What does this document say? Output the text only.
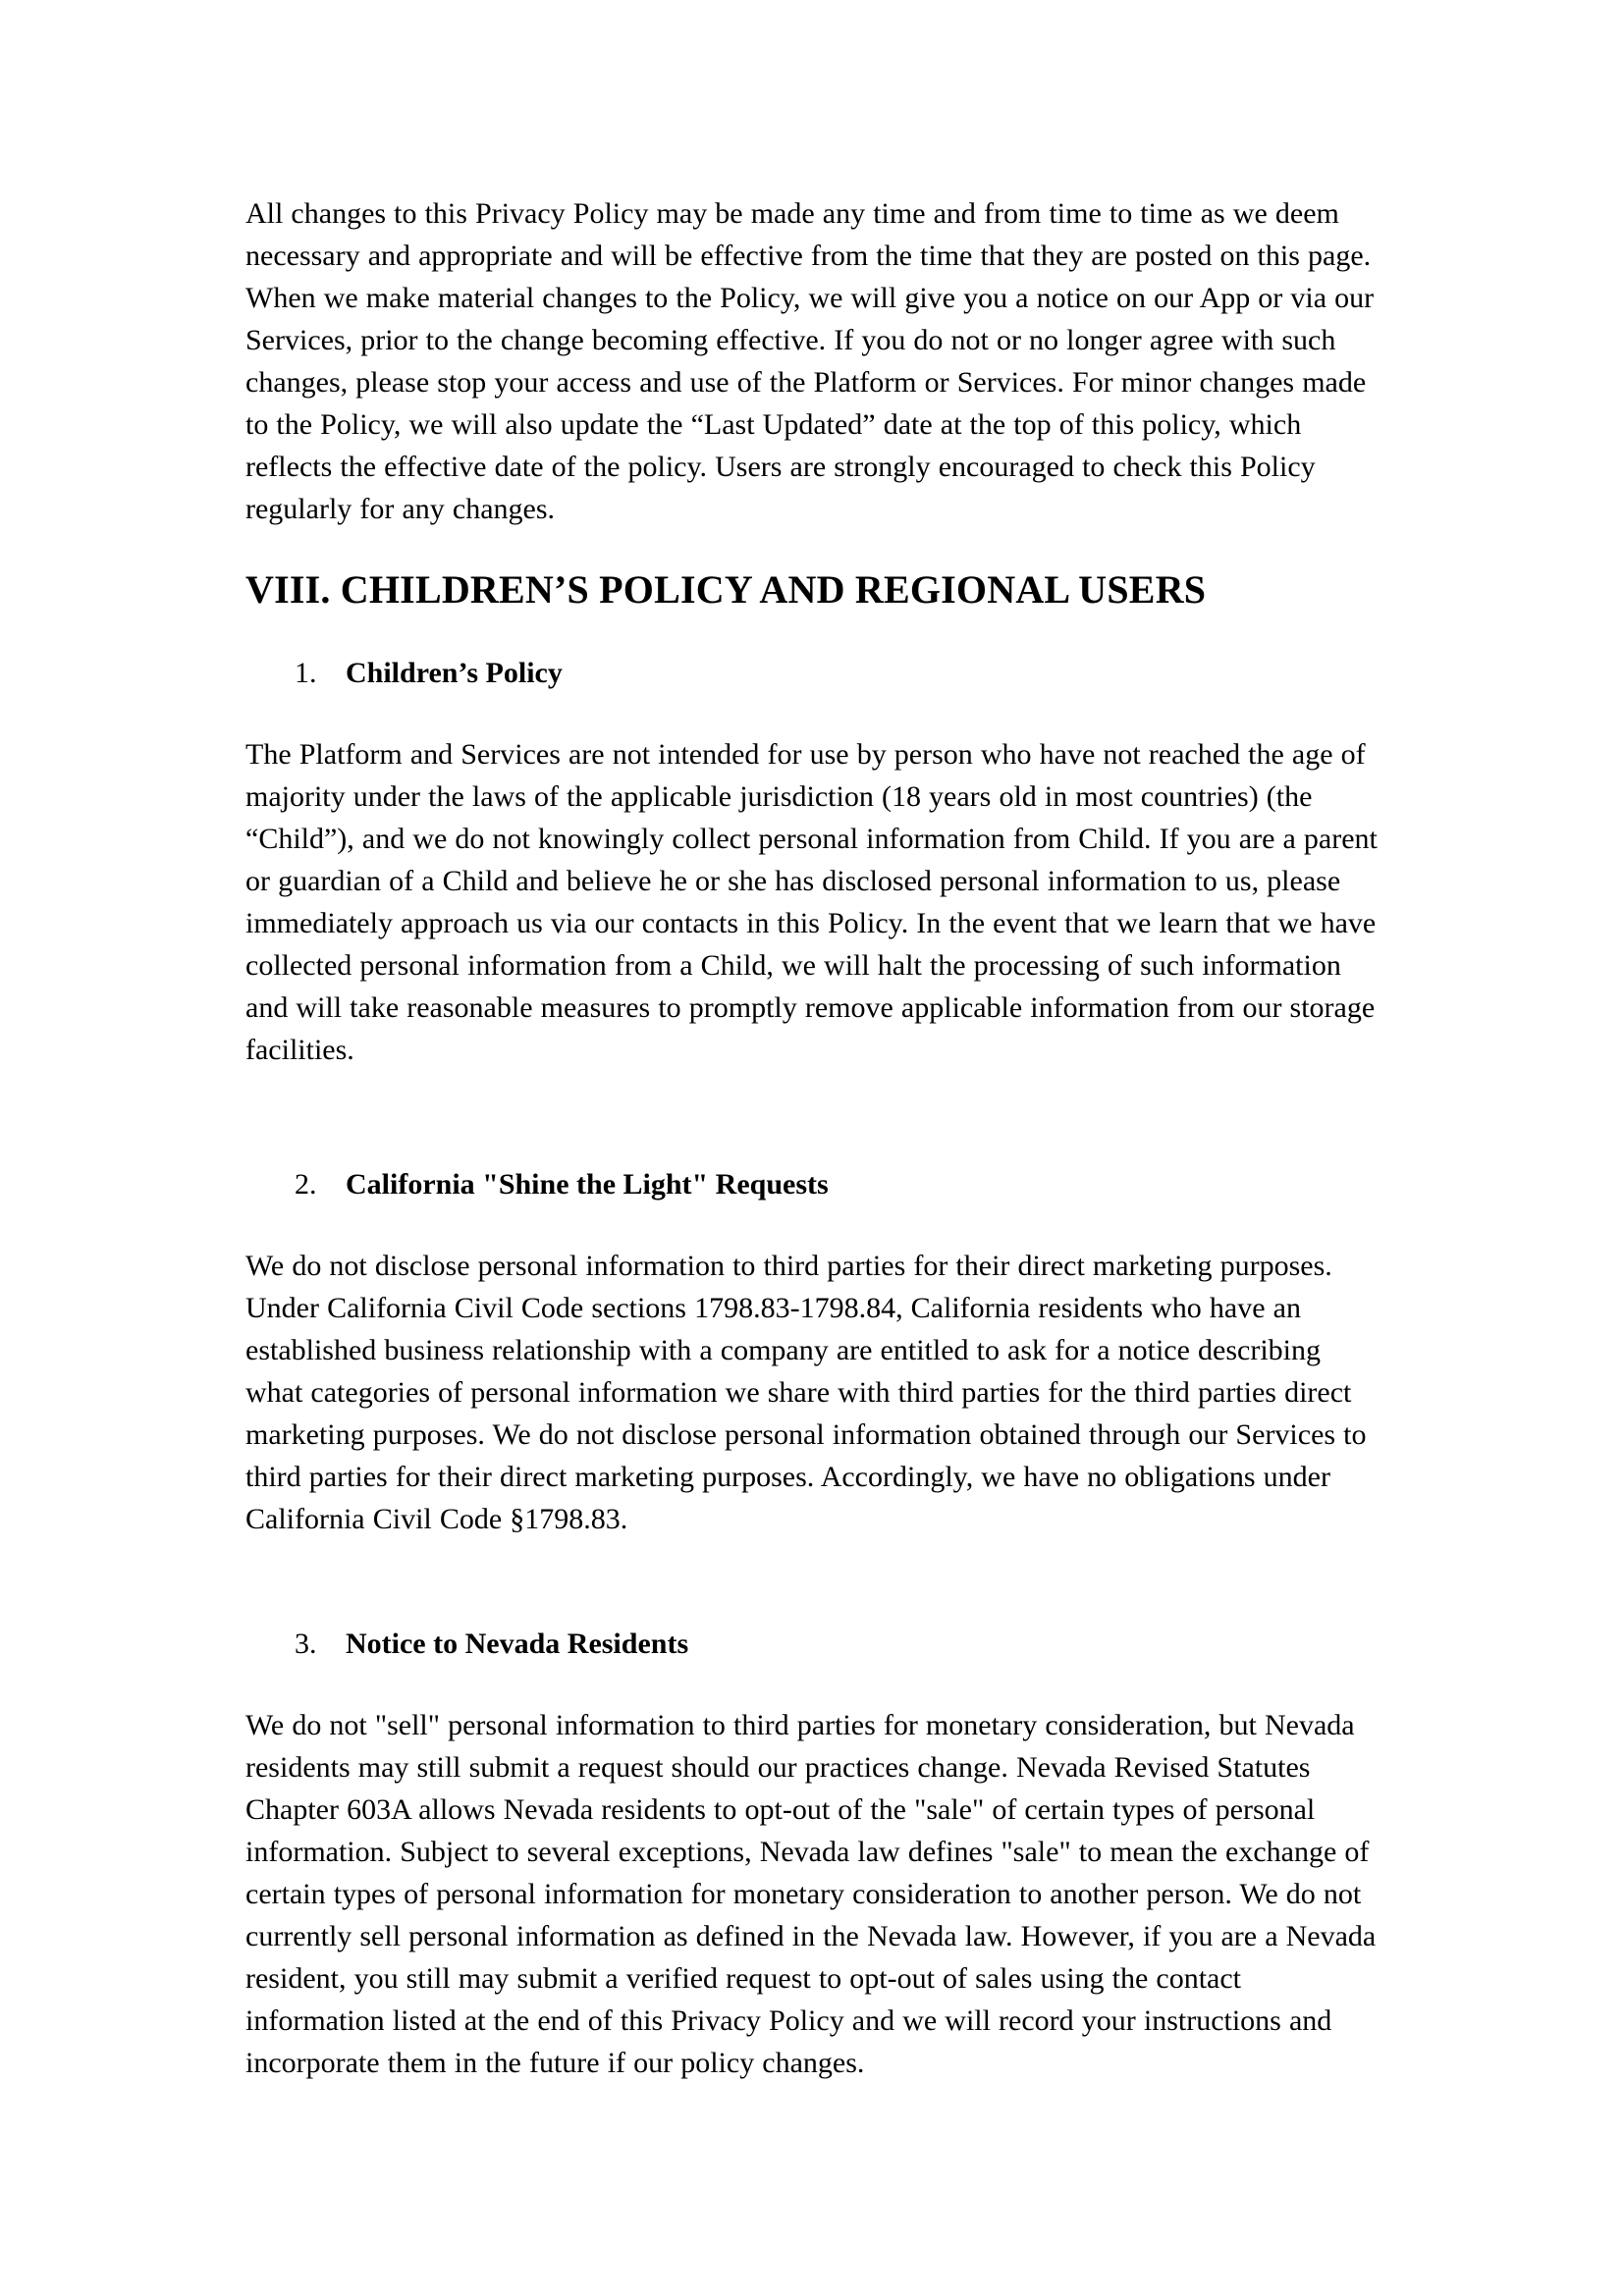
All changes to this Privacy Policy may be made any time and from time to time as we deem necessary and appropriate and will be effective from the time that they are posted on this page. When we make material changes to the Policy, we will give you a notice on our App or via our Services, prior to the change becoming effective. If you do not or no longer agree with such changes, please stop your access and use of the Platform or Services. For minor changes made to the Policy, we will also update the “Last Updated” date at the top of this policy, which reflects the effective date of the policy. Users are strongly encouraged to check this Policy regularly for any changes.

VIII. CHILDREN’S POLICY AND REGIONAL USERS
1. Children’s Policy

The Platform and Services are not intended for use by person who have not reached the age of majority under the laws of the applicable jurisdiction (18 years old in most countries) (the “Child”), and we do not knowingly collect personal information from Child. If you are a parent or guardian of a Child and believe he or she has disclosed personal information to us, please immediately approach us via our contacts in this Policy. In the event that we learn that we have collected personal information from a Child, we will halt the processing of such information and will take reasonable measures to promptly remove applicable information from our storage facilities.

2. California "Shine the Light" Requests

We do not disclose personal information to third parties for their direct marketing purposes. Under California Civil Code sections 1798.83-1798.84, California residents who have an established business relationship with a company are entitled to ask for a notice describing what categories of personal information we share with third parties for the third parties direct marketing purposes. We do not disclose personal information obtained through our Services to third parties for their direct marketing purposes. Accordingly, we have no obligations under California Civil Code §1798.83.

3. Notice to Nevada Residents

We do not "sell" personal information to third parties for monetary consideration, but Nevada residents may still submit a request should our practices change. Nevada Revised Statutes Chapter 603A allows Nevada residents to opt-out of the "sale" of certain types of personal information. Subject to several exceptions, Nevada law defines "sale" to mean the exchange of certain types of personal information for monetary consideration to another person. We do not currently sell personal information as defined in the Nevada law. However, if you are a Nevada resident, you still may submit a verified request to opt-out of sales using the contact information listed at the end of this Privacy Policy and we will record your instructions and incorporate them in the future if our policy changes.
